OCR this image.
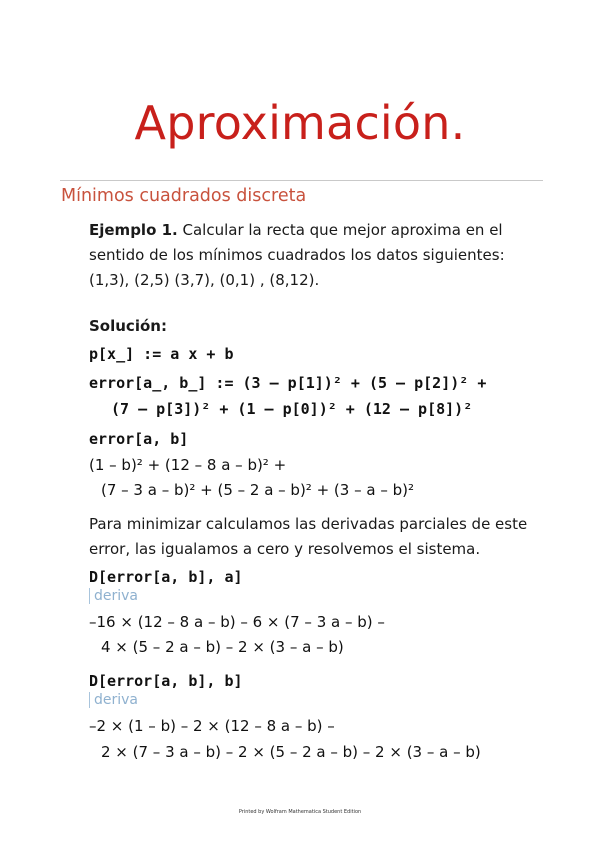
Aproximación.
Mínimos cuadrados discreta
Ejemplo 1. Calcular la recta que mejor aproxima en el sentido de los mínimos cuadrados los datos siguientes: (1,3), (2,5) (3,7), (0,1) , (8,12).
Solución:
p[x_] := a x + b
error[a_, b_] := (3 – p[1])² + (5 – p[2])² +
(7 – p[3])² + (1 – p[0])² + (12 – p[8])²
error[a, b]
(1 – b)² + (12 – 8 a – b)² +
(7 – 3 a – b)² + (5 – 2 a – b)² + (3 – a – b)²
Para minimizar calculamos las derivadas parciales de este error, las igualamos a cero y resolvemos el sistema.
D[error[a, b], a]
deriva
–16 × (12 – 8 a – b) – 6 × (7 – 3 a – b) –
4 × (5 – 2 a – b) – 2 × (3 – a – b)
D[error[a, b], b]
deriva
–2 × (1 – b) – 2 × (12 – 8 a – b) –
2 × (7 – 3 a – b) – 2 × (5 – 2 a – b) – 2 × (3 – a – b)
Printed by Wolfram Mathematica Student Edition
